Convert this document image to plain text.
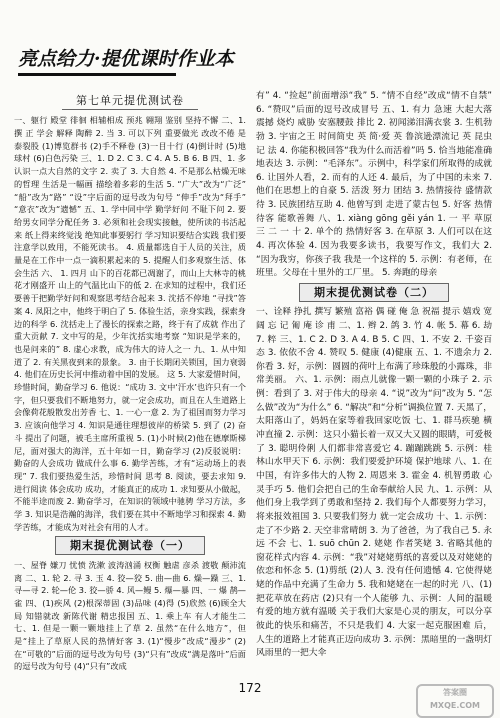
亮点给力·提优课时作业本
第七单元提优测试卷

一、躯行 殿堂 徘徊 相辅相成 预兆 翱翔 鉴别 坚持不懈 二、1. 撰 正 学会 解释 陶醉 2. 当 3. 可以下列 重要做光 改改不倦 是泰裂股 (1)博览群书 (2)手不释卷 (3)一目十行 (4)倒计时 (5)地球村 (6)白色污染 三、1. D 2. C 3. C 4. A 5. B 6. B 四、1. 多认识一点大自然的文字 2. 卖了 3. 大自然 4. 不是那么枯燥无味的哲理 生活是一幅画 描绘着多彩的生活 5. “广大”改为“广泛” “船”改为“路” “设”字后面的逗号改为句号 “伸手”改为“拜手” “意衣”改为“遗憾” 五、1. 学中同中学 勤学好问 不耻下问 2. 要给男女同学分配任务 3. 必须和社会现实接触，使所读的书活起来 纸上得来终觉浅 绝知此事要躬行 学习知识要结合实践 我们要注意学以致用，不能死读书。 4. 质量都选自于人员的关注，质量是在工作中一点一滴积累起来的 5. 提醒人们多观察生活、体会生活 六、 1. 四月 山下的百花都已凋谢了，而山上大林寺的桃花才刚盛开 山上的气温比山下的低 2. 在求知的过程中，我们还要善于把勤学好问和观察思考结合起来 3. 沈括不停地 “寻找”答案 4. 凤阳之中，他终于明白了 5. 体验生活，亲身实践，探索身边的科学 6. 沈括走上了漫长的探索之路，终于有了成就 作出了重大贡献 7. 文中写的是，少年沈括实地考察 “知识是学来的，也是问来的” 8. 虚心求教，成为伟大的诗人之一 九、1. 从中知道了 2. 有关黑夜到来的景象。 3. 由于长期闭关锁国，国力衰弱 4. 他们在历史长河中推动着中国的发展。 这 5. 大家爱惜时间，珍惜时间，勤奋学习 6. 他说：“成功 3. 文中‘汗水’也许只有一个字，但只要我们不断地努力，就一定会成功，而且在人生道路上会像荷花般散发出芳香 七、1. 一心一意 2. 为了祖国而努力学习 3. 应该向他学习 4. 知识是通往理想彼岸的桥梁 5. 到了 (2) 奋斗 提出了问题，被毛主席所重视 5. (1)小时候(2)他在德摩斯梯尼，面对强大的海洋，五十年如一日，勤奋学习 (2)反驳说明：勤奋的人会成功 做成什么事 6. 勤学苦练，才有“运动场上的表现” 7. 我们要热爱生活，珍惜时间 思考 8. 阅读，要去求知 9. 进行阅读 体会成功 成功，才能真正的成功 1. 求知要从小做起，不能半途而废 2. 勤奋学习，在知识的领域中驰骋 学习方法，多学 3. 知识是浩瀚的海洋，我们要在其中不断地学习和探索 4. 勤学苦练，才能成为对社会有用的人才。

期末提优测试卷（一）

一、屋脊 嫌刀 忧愤 洗漱 波涛汹涌 权衡 触虐 彦杀 渡敬 颠沛流离 二、1. 轮 2. 寻 3. 玉 4. 狡—狡 5. 曲—曲 6. 燥—躁 三、1. 寻—寻 2. 轮—伦 3. 狡—骄 4. 风—鳗 5. 爆—暴 四、一 爆 鹊—雀 四、(1)疾风 (2)根深蒂固 (3)品味 (4)得 (5)欣然 (6)顾全大局 知错就改 新陈代谢 精忠报国 五、1. 乘上车 有人才能生二 七、1. 但是一颗一颗地挂上了草 2. 虽然“在什么地方”，但是“挂上了草原人民的热情好客 3. (1)“慢步”改成“漫步” (2)在“可敬的”后面的逗号改为句号 (3)“只有”改成“满是落叶”后面的逗号改为句号 (4)“只有”改成

有” 4. “捡起”前面增添“我” 5. “情不自经”改成“情不自禁” 6. “赞叹”后面的逗号改成冒号 五、1. 有力 急速 大起大落 震撼 烧灼 威胁 安塞腰鼓 排比 2. 初闻涕泪满衣裳 3. 生机勃勃 3. 宇宙之王 时间简史 英 简·爱 英 鲁滨逊漂流记 英 昆虫记 法 4. 你能积极回答“我为什么而活着”吗 5. 恰当地能准确地表达 3. 示例：“毛泽东”。示例中，科学家们所取得的成就 6. 让国外人看，2. 而有的人还 4. 最后，为了中国的未来 7. 他们在思想上的自豪 5. 活泼 努力 团结 3. 热情接待 盛情款待 3. 民族团结互助 4. 他曾写到 走进了蒙古包 5. 好客 热情待客 能歌善舞 八、1. xiàng gōng gěi yán 1. 一 平 草原 三 二 一 十 2. 单个的 热情好客 3. 在草原 3. 人们可以在这 4. 再次体验 4. 因为我要多读书，我要写作文，我们大 2. “因为我穷，你孩子我 我是一个这样的 5. 示例：有老师，在班里。父母在十里外的工厂里。 5. 奔跑的母亲

期末提优测试卷（二）

一、诠释 挣扎 撰写 繁殖 富裕 偶 碰 俺 急 祝福 提示 嬉戏 宽阔 忘 记 匍 庵 诊 甫 二、1. 辫 2. 鸽 3. 竹 4. 帐 5. 幕 6. 劫 7. 粹 三、1. C 2. D 3. A 4. B 5. C 四、1. 不安 2. 千姿百态 3. 依依不舍 4. 赞叹 5. 健康 (4)健康 五、1. 不遗余力 2. 你看 3. 好，示例：圆圆的荷叶上布满了珍珠般的小露珠，非常美丽。 六、1. 示例：雨点儿就像一颗一颗的小珠子 2. 示例：看到了 3. 对于伟大的母亲 4. “说”改为“问”改为 5. “怎么做”改为“为什么” 6. “解决”和“分析”调换位置 7. 天黑了，太阳落山了，妈妈在家等着我回家吃饭 七、1. 群马疾驰 横冲直撞 2. 示例：这只小猫长着一双又大又圆的眼睛，可爱极了 3. 聪明伶俐 人们都非常喜爱它 4. 蹦蹦跳跳 5. 示例：桂林山水甲天下 6. 示例：我们要爱护环境 保护地球 八、1. 在中国，有许多伟大的人物 2. 周恩来 3. 霍金 4. 机智勇敢 心灵手巧 5. 他们会把自己的生命奉献给人民 九、1. 示例：从他们身上我学到了勇敢和坚持 2. 我们每个人都要努力学习，将来报效祖国 3. 只要我们努力 就一定会成功 十、1. 示例：走了不少路 2. 天空非常晴朗 3. 为了爸爸，为了我自己 5. 永远 不会 七、1. suō chūn 2. 姥姥 作者笑姥 3. 省略其他的窗花样式内容 4. 示例：“我”对姥姥剪纸的喜爱以及对姥姥的依恋和怀念 5. (1)剪纸 (2)人 3. 没有任何遗憾 4. 它使得姥姥的作品中充满了生命力 5. 我和姥姥在一起的时光 八、(1)把花草放在药店 (2)只有一个人能够 九、示例：人间的温暖 有爱的地方就有温暖 关于我们大家是心灵的朋友，可以分享彼此的快乐和痛苦，不只是我们 4. 大家一起克服困难 后，人生的道路上才能真正迈向成功 3. 示例：黑暗里的一盏明灯 风雨里的一把大伞

172	答案圈 MXQE.COM
